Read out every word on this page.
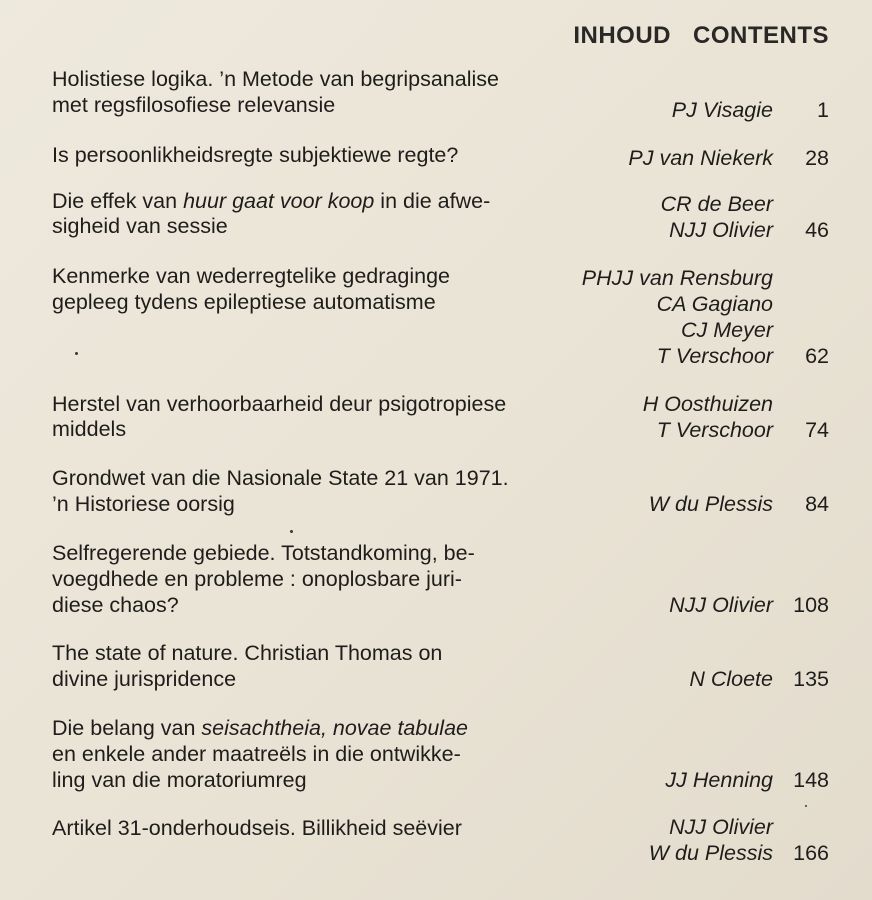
INHOUD CONTENTS
Holistiese logika. ’n Metode van begripsanalise
met regsfilosofiese relevansie	PJ Visagie 1
Is persoonlikheidsregte subjektiewe regte?	PJ van Niekerk 28
Die effek van huur gaat voor koop in die afwe-
sigheid van sessie
CR de Beer
NJJ Olivier 46
Kenmerke van wederregtelike gedraginge
gepleeg tydens epileptiese automatisme
PHJJ van Rensburg
CA Gagiano
CJ Meyer
T Verschoor 62
Herstel van verhoorbaarheid deur psigotropiese
middels
H Oosthuizen
T Verschoor 74
Grondwet van die Nasionale State 21 van 1971.
’n Historiese oorsig	W du Plessis 84
Selfregerende gebiede. Totstandkoming, be-
voegdhede en probleme : onoplosbare juri-
diese chaos?	NJJ Olivier 108
The state of nature. Christian Thomas on
divine jurispridence	N Cloete 135
Die belang van seisachtheia, novae tabulae
en enkele ander maatreëls in die ontwikke-
ling van die moratoriumreg	JJ Henning 148
Artikel 31-onderhoudseis. Billikheid seëvier	NJJ Olivier
W du Plessis 166
